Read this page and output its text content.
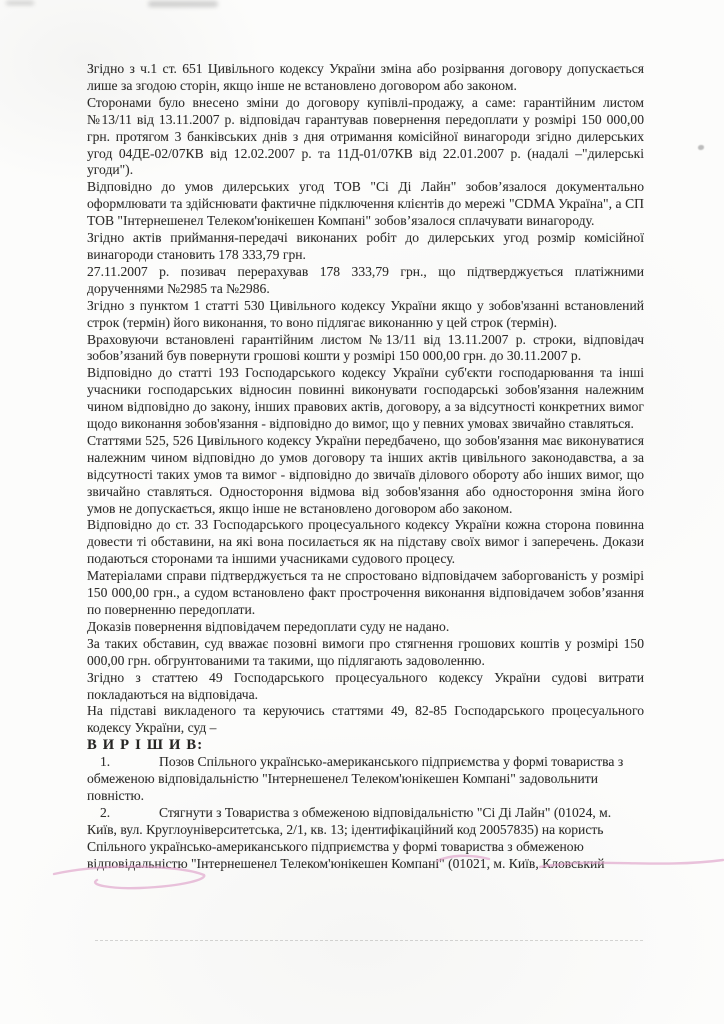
Згідно з ч.1 ст. 651 Цивільного кодексу України зміна або розірвання договору допускається лише за згодою сторін, якщо інше не встановлено договором або законом.

Сторонами було внесено зміни до договору купівлі-продажу, а саме: гарантійним листом №13/11 від 13.11.2007 р. відповідач гарантував повернення передоплати у розмірі 150 000,00 грн. протягом 3 банківських днів з дня отримання комісійної винагороди згідно дилерських угод 04ДЕ-02/07КВ від 12.02.2007 р. та 11Д-01/07КВ від 22.01.2007 р. (надалі –"дилерські угоди").

Відповідно до умов дилерських угод ТОВ "Сі Ді Лайн" зобов’язалося документально оформлювати та здійснювати фактичне підключення клієнтів до мережі "CDMA Україна", а СП ТОВ "Інтернешенел Телеком'юнікешен Компані" зобов’язалося сплачувати винагороду.

Згідно актів приймання-передачі виконаних робіт до дилерських угод розмір комісійної винагороди становить 178 333,79 грн.

27.11.2007 р. позивач перерахував 178 333,79 грн., що підтверджується платіжними дорученнями №2985 та №2986.

Згідно з пунктом 1 статті 530 Цивільного кодексу України якщо у зобов'язанні встановлений строк (термін) його виконання, то воно підлягає виконанню у цей строк (термін).

Враховуючи встановлені гарантійним листом №13/11 від 13.11.2007 р. строки, відповідач зобов’язаний був повернути грошові кошти у розмірі 150 000,00 грн. до 30.11.2007 р.

Відповідно до статті 193 Господарського кодексу України суб'єкти господарювання та інші учасники господарських відносин повинні виконувати господарські зобов'язання належним чином відповідно до закону, інших правових актів, договору, а за відсутності конкретних вимог щодо виконання зобов'язання - відповідно до вимог, що у певних умовах звичайно ставляться.

Статтями 525, 526 Цивільного кодексу України передбачено, що зобов'язання має виконуватися належним чином відповідно до умов договору та інших актів цивільного законодавства, а за відсутності таких умов та вимог - відповідно до звичаїв ділового обороту або інших вимог, що звичайно ставляться. Одностороння відмова від зобов'язання або одностороння зміна його умов не допускається, якщо інше не встановлено договором або законом.

Відповідно до ст. 33 Господарського процесуального кодексу України кожна сторона повинна довести ті обставини, на які вона посилається як на підставу своїх вимог і заперечень. Докази подаються сторонами та іншими учасниками судового процесу.

Матеріалами справи підтверджується та не спростовано відповідачем заборгованість у розмірі 150 000,00 грн., а судом встановлено факт прострочення виконання відповідачем зобов’язання по поверненню передоплати.

Доказів повернення відповідачем передоплати суду не надано.

За таких обставин, суд вважає позовні вимоги про стягнення грошових коштів у розмірі 150 000,00 грн. обгрунтованими та такими, що підлягають задоволенню.

Згідно з статтею 49 Господарського процесуального кодексу України судові витрати покладаються на відповідача.

На підставі викладеного та керуючись статтями 49, 82-85 Господарського процесуального кодексу України, суд –

В И Р І Ш И В:

1.	Позов Спільного українсько-американського підприємства у формі товариства з обмеженою відповідальністю "Інтернешенел Телеком'юнікешен Компані" задовольнити повністю.

2.	Стягнути з Товариства з обмеженою відповідальністю "Сі Ді Лайн" (01024, м. Київ, вул. Круглоуніверситетська, 2/1, кв. 13; ідентифікаційний код 20057835) на користь Спільного українсько-американського підприємства у формі товариства з обмеженою відповідальністю "Інтернешенел Телеком'юнікешен Компані" (01021, м. Київ, Кловський
